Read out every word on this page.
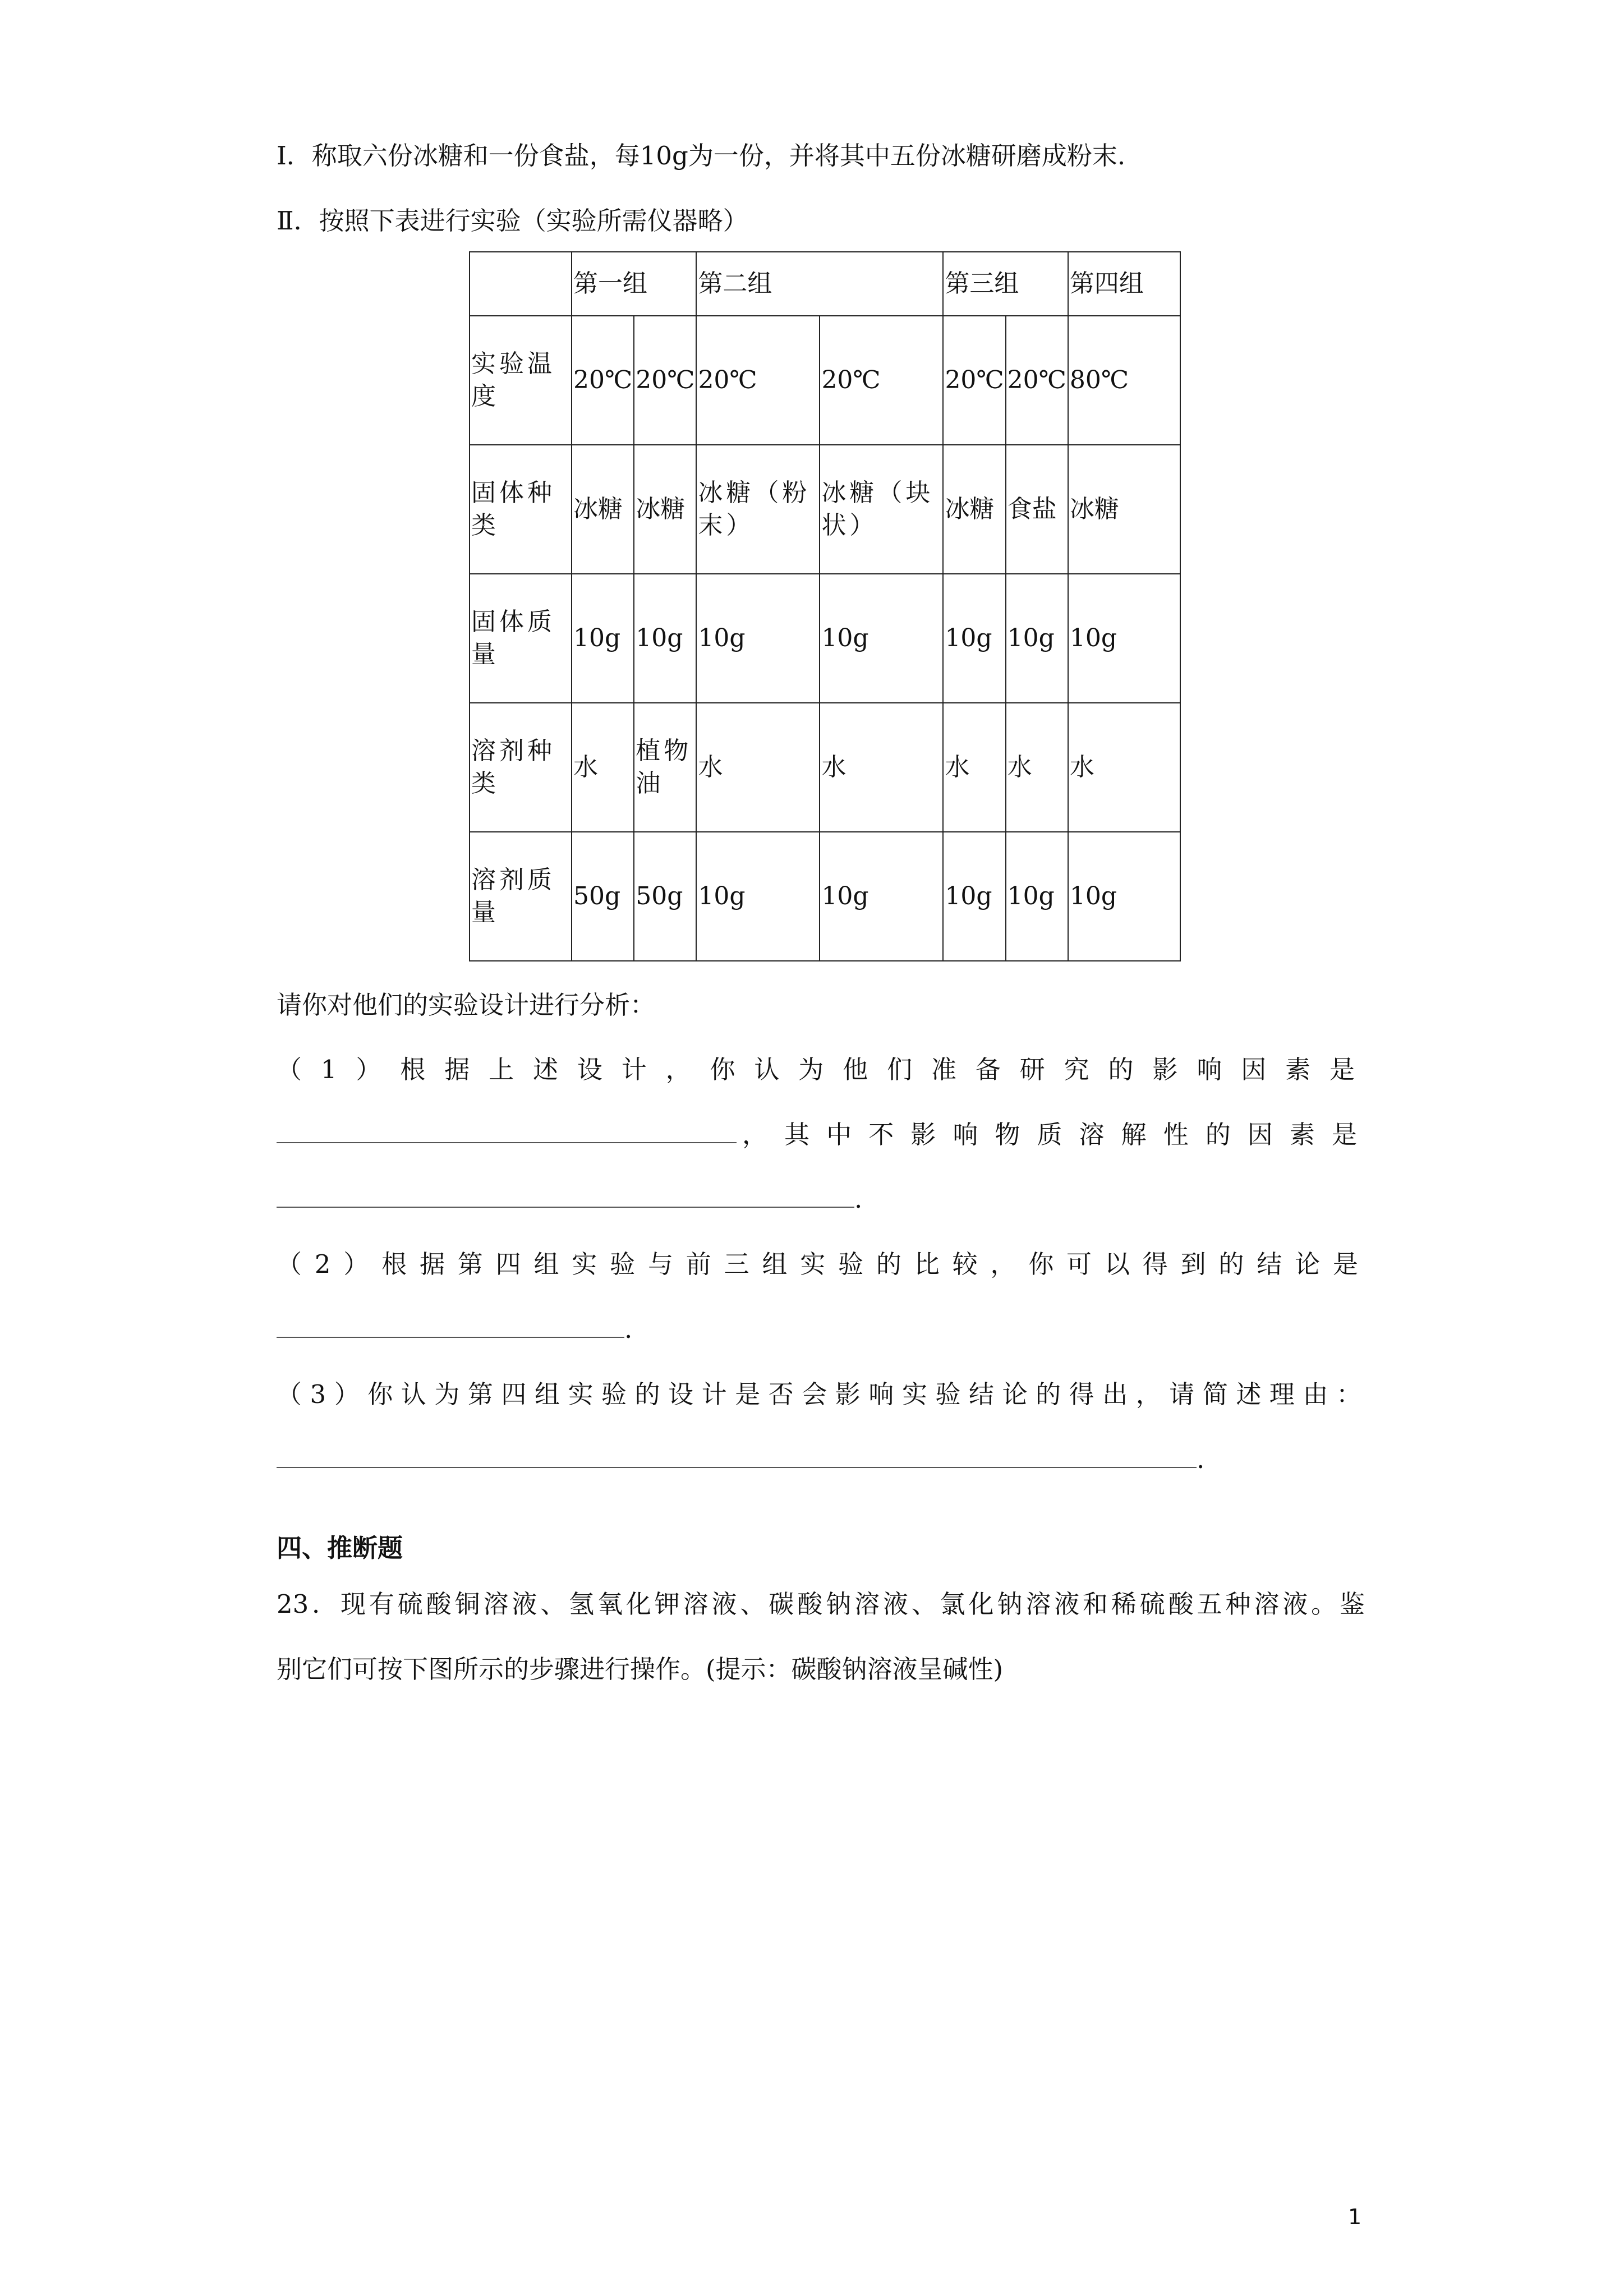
Ⅰ．称取六份冰糖和一份食盐，每10g为一份，并将其中五份冰糖研磨成粉末.
Ⅱ．按照下表进行实验（实验所需仪器略）
	第一组		第二组		第三组		第四组
实验温度	20℃	20℃	20℃	20℃	20℃	20℃	80℃
固体种类	冰糖	冰糖	冰糖（粉末）	冰糖（块状）	冰糖	食盐	冰糖
固体质量	10g	10g	10g	10g	10g	10g	10g
溶剂种类	水	植物油	水	水	水	水	水
溶剂质量	50g	50g	10g	10g	10g	10g	10g
请你对他们的实验设计进行分析：
（1）根据上述设计，你认为他们准备研究的影响因素是
，其中不影响物质溶解性的因素是
.
（2）根据第四组实验与前三组实验的比较，你可以得到的结论是
.
（3）你认为第四组实验的设计是否会影响实验结论的得出，请简述理由：
.
四、推断题
23．现有硫酸铜溶液、氢氧化钾溶液、碳酸钠溶液、氯化钠溶液和稀硫酸五种溶液。鉴
别它们可按下图所示的步骤进行操作。(提示：碳酸钠溶液呈碱性)
1
